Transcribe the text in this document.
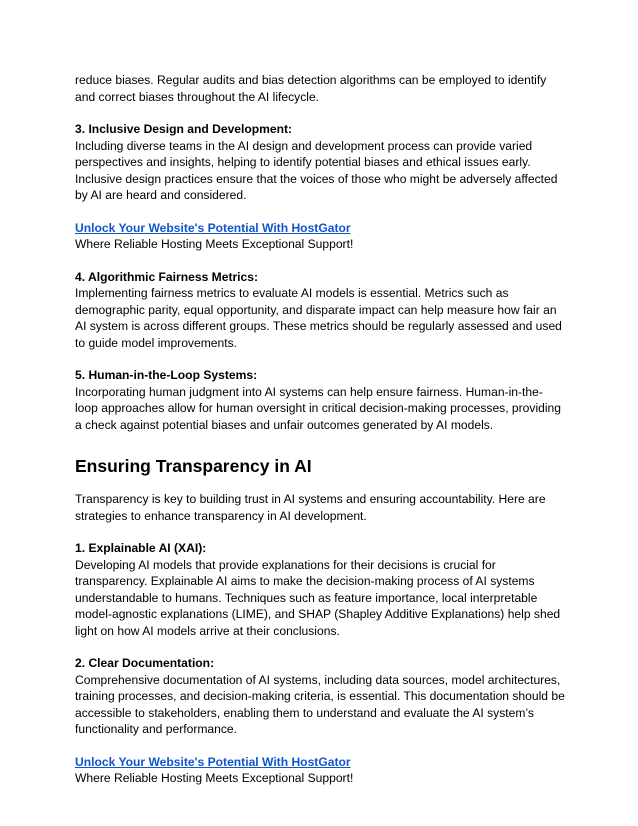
reduce biases. Regular audits and bias detection algorithms can be employed to identify and correct biases throughout the AI lifecycle.

3. Inclusive Design and Development:

Including diverse teams in the AI design and development process can provide varied perspectives and insights, helping to identify potential biases and ethical issues early. Inclusive design practices ensure that the voices of those who might be adversely affected by AI are heard and considered.

Unlock Your Website's Potential With HostGator

Where Reliable Hosting Meets Exceptional Support!

4. Algorithmic Fairness Metrics:

Implementing fairness metrics to evaluate AI models is essential. Metrics such as demographic parity, equal opportunity, and disparate impact can help measure how fair an AI system is across different groups. These metrics should be regularly assessed and used to guide model improvements.

5. Human-in-the-Loop Systems:

Incorporating human judgment into AI systems can help ensure fairness. Human-in-the-loop approaches allow for human oversight in critical decision-making processes, providing a check against potential biases and unfair outcomes generated by AI models.

Ensuring Transparency in AI

Transparency is key to building trust in AI systems and ensuring accountability. Here are strategies to enhance transparency in AI development.

1. Explainable AI (XAI):

Developing AI models that provide explanations for their decisions is crucial for transparency. Explainable AI aims to make the decision-making process of AI systems understandable to humans. Techniques such as feature importance, local interpretable model-agnostic explanations (LIME), and SHAP (Shapley Additive Explanations) help shed light on how AI models arrive at their conclusions.

2. Clear Documentation:

Comprehensive documentation of AI systems, including data sources, model architectures, training processes, and decision-making criteria, is essential. This documentation should be accessible to stakeholders, enabling them to understand and evaluate the AI system’s functionality and performance.

Unlock Your Website's Potential With HostGator

Where Reliable Hosting Meets Exceptional Support!
